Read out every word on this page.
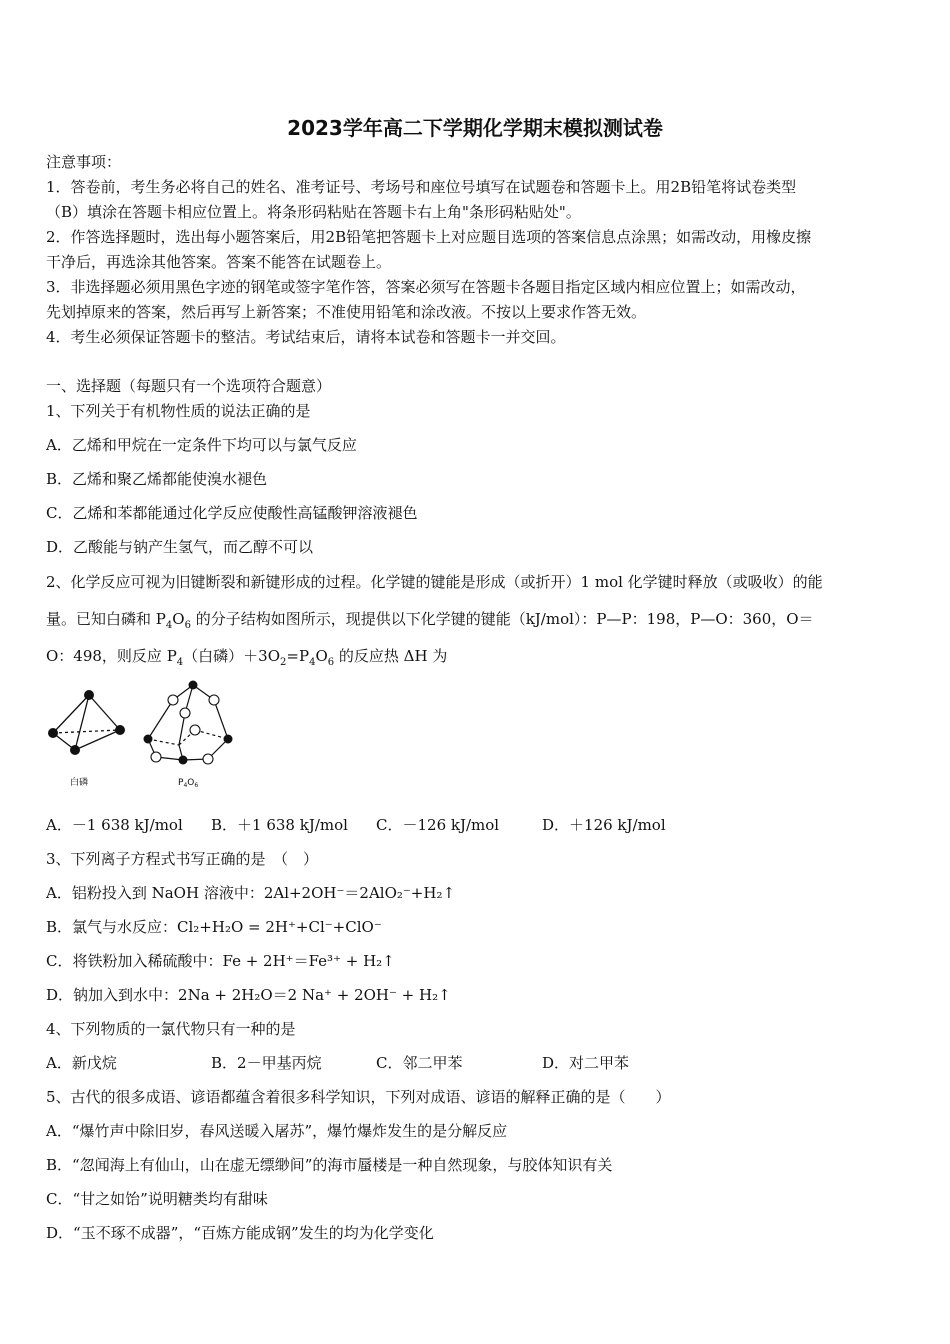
2023学年高二下学期化学期末模拟测试卷
注意事项：
1．答卷前，考生务必将自己的姓名、准考证号、考场号和座位号填写在试题卷和答题卡上。用2B铅笔将试卷类型
（B）填涂在答题卡相应位置上。将条形码粘贴在答题卡右上角"条形码粘贴处"。
2．作答选择题时，选出每小题答案后，用2B铅笔把答题卡上对应题目选项的答案信息点涂黑；如需改动，用橡皮擦
干净后，再选涂其他答案。答案不能答在试题卷上。
3．非选择题必须用黑色字迹的钢笔或签字笔作答，答案必须写在答题卡各题目指定区域内相应位置上；如需改动，
先划掉原来的答案，然后再写上新答案；不准使用铅笔和涂改液。不按以上要求作答无效。
4．考生必须保证答题卡的整洁。考试结束后，请将本试卷和答题卡一并交回。
一、选择题（每题只有一个选项符合题意）
1、下列关于有机物性质的说法正确的是
A．乙烯和甲烷在一定条件下均可以与氯气反应
B．乙烯和聚乙烯都能使溴水褪色
C．乙烯和苯都能通过化学反应使酸性高锰酸钾溶液褪色
D．乙酸能与钠产生氢气，而乙醇不可以
2、化学反应可视为旧键断裂和新键形成的过程。化学键的键能是形成（或折开）1 mol 化学键时释放（或吸收）的能
量。已知白磷和 $P_4O_6$ 的分子结构如图所示，现提供以下化学键的键能（kJ/mol）：P—P：198，P—O：360，O＝
O：498，则反应 $P_4$（白磷）$+3O_2=P_4O_6$ 的反应热 ΔH 为
白磷	$P_4O_6$
A．－1 638 kJ/mol B．＋1 638 kJ/mol C．－126 kJ/mol	D．＋126 kJ/mol
3、下列离子方程式书写正确的是　（　）
A．铝粉投入到 NaOH 溶液中：2Al+2OH⁻＝2AlO₂⁻+H₂↑
B．氯气与水反应：Cl₂+H₂O = 2H⁺+Cl⁻+ClO⁻
C．将铁粉加入稀硫酸中：Fe + 2H⁺＝Fe³⁺ + H₂↑
D．钠加入到水中：2Na + 2H₂O＝2 Na⁺ + 2OH⁻ + H₂↑
4、下列物质的一氯代物只有一种的是
A．新戊烷	B．2－甲基丙烷	C．邻二甲苯	D．对二甲苯
5、古代的很多成语、谚语都蕴含着很多科学知识，下列对成语、谚语的解释正确的是（　　）
A．“爆竹声中除旧岁，春风送暖入屠苏”，爆竹爆炸发生的是分解反应
B．“忽闻海上有仙山，山在虚无缥缈间”的海市蜃楼是一种自然现象，与胶体知识有关
C．“甘之如饴”说明糖类均有甜味
D．“玉不琢不成器”，“百炼方能成钢”发生的均为化学变化
